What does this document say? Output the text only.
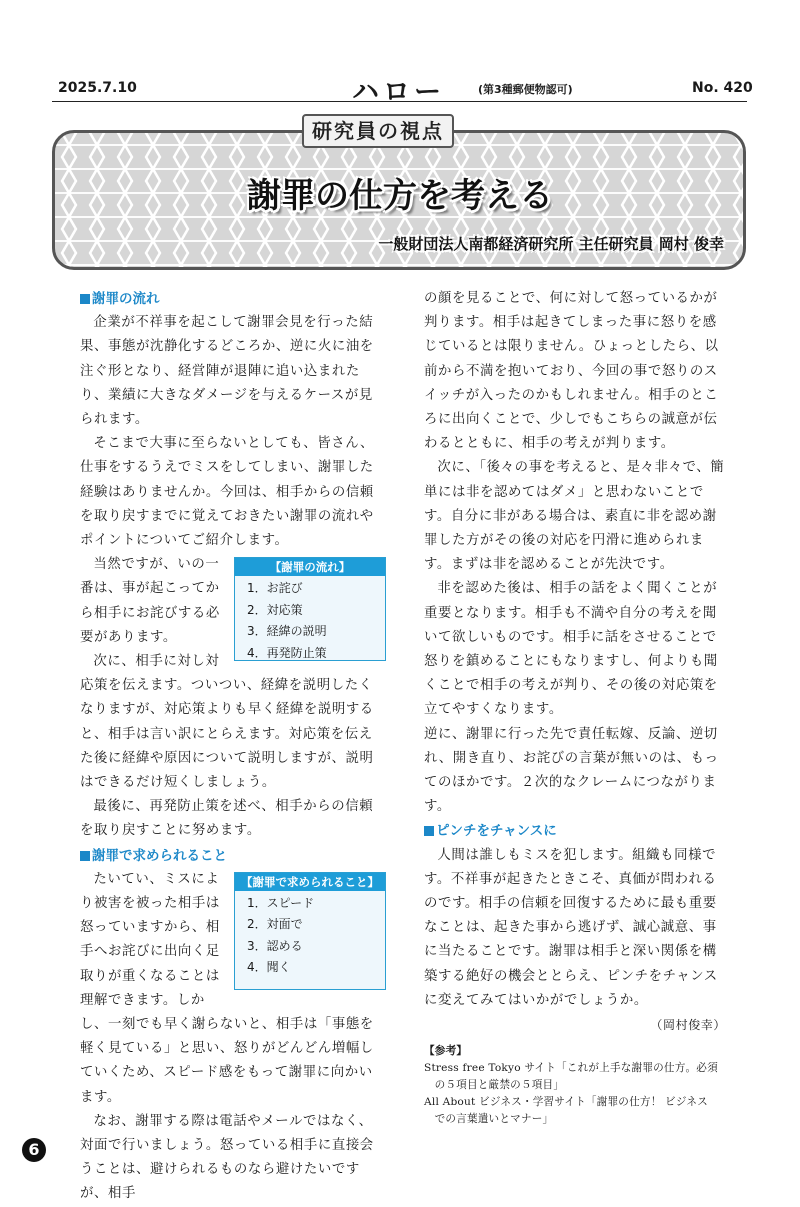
2025.7.10	ハロー	(第3種郵便物認可)	No. 420
研究員の視点
謝罪の仕方を考える
一般財団法人南都経済研究所 主任研究員 岡村 俊幸
謝罪の流れ

企業が不祥事を起こして謝罪会見を行った結果、事態が沈静化するどころか、逆に火に油を注ぐ形となり、経営陣が退陣に追い込まれたり、業績に大きなダメージを与えるケースが見られます。

そこまで大事に至らないとしても、皆さん、仕事をするうえでミスをしてしまい、謝罪した経験はありませんか。今回は、相手からの信頼を取り戻すまでに覚えておきたい謝罪の流れやポイントについてご紹介します。

【謝罪の流れ】
1．お詫び
2．対応策
3．経緯の説明
4．再発防止策

当然ですが、いの一番は、事が起こってから相手にお詫びする必要があります。

次に、相手に対し対応策を伝えます。ついつい、経緯を説明したくなりますが、対応策よりも早く経緯を説明すると、相手は言い訳にとらえます。対応策を伝えた後に経緯や原因について説明しますが、説明はできるだけ短くしましょう。

最後に、再発防止策を述べ、相手からの信頼を取り戻すことに努めます。

謝罪で求められること
【謝罪で求められること】
1．スピード
2．対面で
3．認める
4．聞く

たいてい、ミスにより被害を被った相手は怒っていますから、相手へお詫びに出向く足取りが重くなることは理解できます。しかし、一刻でも早く謝らないと、相手は「事態を軽く見ている」と思い、怒りがどんどん増幅していくため、スピード感をもって謝罪に向かいます。

なお、謝罪する際は電話やメールではなく、対面で行いましょう。怒っている相手に直接会うことは、避けられるものなら避けたいですが、相手

の顔を見ることで、何に対して怒っているかが判ります。相手は起きてしまった事に怒りを感じているとは限りません。ひょっとしたら、以前から不満を抱いており、今回の事で怒りのスイッチが入ったのかもしれません。相手のところに出向くことで、少しでもこちらの誠意が伝わるとともに、相手の考えが判ります。

次に、「後々の事を考えると、是々非々で、簡単には非を認めてはダメ」と思わないことです。自分に非がある場合は、素直に非を認め謝罪した方がその後の対応を円滑に進められます。まずは非を認めることが先決です。

非を認めた後は、相手の話をよく聞くことが重要となります。相手も不満や自分の考えを聞いて欲しいものです。相手に話をさせることで怒りを鎮めることにもなりますし、何よりも聞くことで相手の考えが判り、その後の対応策を立てやすくなります。

逆に、謝罪に行った先で責任転嫁、反論、逆切れ、開き直り、お詫びの言葉が無いのは、もってのほかです。２次的なクレームにつながります。

ピンチをチャンスに

人間は誰しもミスを犯します。組織も同様です。不祥事が起きたときこそ、真価が問われるのです。相手の信頼を回復するために最も重要なことは、起きた事から逃げず、誠心誠意、事に当たることです。謝罪は相手と深い関係を構築する絶好の機会ととらえ、ピンチをチャンスに変えてみてはいかがでしょうか。

（岡村俊幸）
【参考】
Stress free Tokyo サイト「これが上手な謝罪の仕方。必須
の５項目と厳禁の５項目」
All About ビジネス・学習サイト「謝罪の仕方！ ビジネス
での言葉遣いとマナー」
6
